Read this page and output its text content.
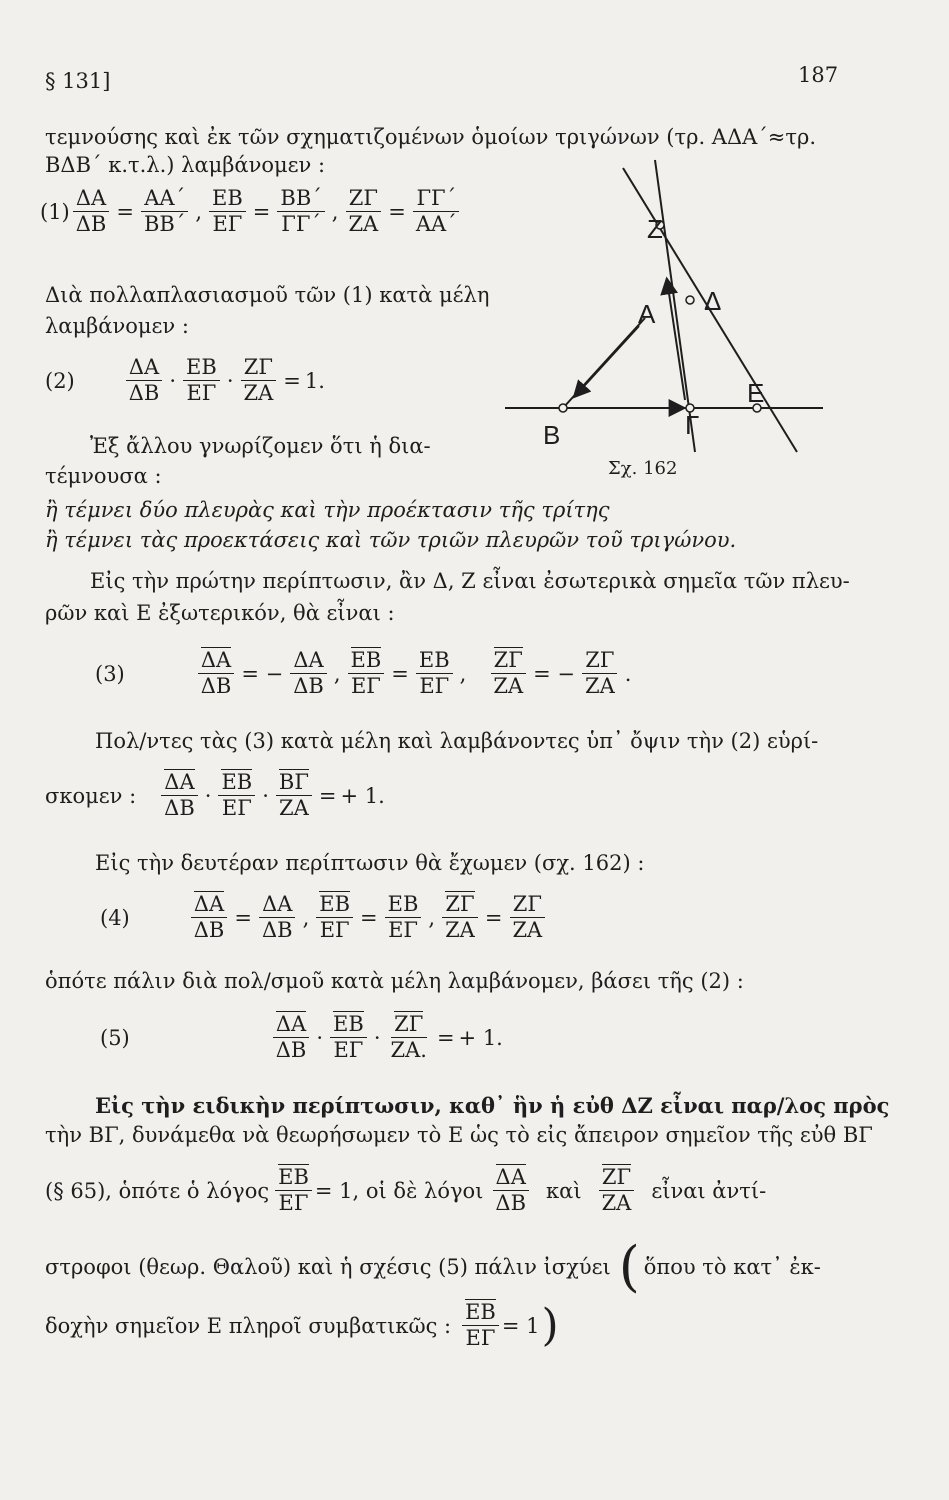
§ 131]	187
τεμνούσης καὶ ἐκ τῶν σχηματιζομένων ὁμοίων τριγώνων (τρ. ΑΔΑ΄≈τρ.
ΒΔΒ΄ κ.τ.λ.) λαμβάνομεν :
$(1) \frac{\Delta A}{\Delta B} = \frac{AA΄}{BB΄}$ , $\frac{EB}{E\Gamma} = \frac{BB΄}{\Gamma\Gamma΄}$ , $\frac{Z\Gamma}{ZA} = \frac{\Gamma\Gamma΄}{AA΄}$
Διὰ πολλαπλασιασμοῦ τῶν (1) κατὰ μέλη
λαμβάνομεν :
$(2) \frac{\Delta A}{\Delta B} \cdot \frac{EB}{E\Gamma} \cdot \frac{Z\Gamma}{ZA} = 1$.
Ἐξ ἄλλου γνωρίζομεν ὅτι ἡ δια-
τέμνουσα :
Z
A Δ
E
B	Γ
Σχ. 162
ἢ τέμνει δύο πλευρὰς καὶ τὴν προέκτασιν τῆς τρίτης
ἢ τέμνει τὰς προεκτάσεις καὶ τῶν τριῶν πλευρῶν τοῦ τριγώνου.
Εἰς τὴν πρώτην περίπτωσιν, ἂν Δ, Ζ εἶναι ἐσωτερικὰ σημεῖα τῶν πλευ-
ρῶν καὶ Ε ἐξωτερικόν, θὰ εἶναι :
(3)	$\frac{\Delta A}{\Delta B}$ = − $\frac{\Delta A}{\Delta B}$ , $\frac{EB}{E\Gamma} = \frac{EB}{E\Gamma}$ , $\frac{Z\Gamma}{ZA}$ = − $\frac{Z\Gamma}{ZA}$ .
Πολ/ντες τὰς (3) κατὰ μέλη καὶ λαμβάνοντες ὑπ᾿ ὄψιν τὴν (2) εὑρί-
σκομεν : $\frac{\Delta A}{\Delta B} \cdot \frac{EB}{E\Gamma} \cdot \frac{B\Gamma}{ZA}$ = + 1.
Εἰς τὴν δευτέραν περίπτωσιν θὰ ἔχωμεν (σχ. 162) :
(4)	$\frac{\Delta A}{\Delta B} = \frac{\Delta A}{\Delta B}$ , $\frac{EB}{E\Gamma} = \frac{EB}{E\Gamma}$ , $\frac{Z\Gamma}{ZA} = \frac{Z\Gamma}{ZA}$
ὁπότε πάλιν διὰ πολ/σμοῦ κατὰ μέλη λαμβάνομεν, βάσει τῆς (2) :
(5)	$\frac{\Delta A}{\Delta B} \cdot \frac{EB}{E\Gamma} \cdot \frac{Z\Gamma}{ZA.}$ = + 1.
Εἰς τὴν ειδικὴν περίπτωσιν, καθ᾿ ἣν ἡ εὐθ ΔΖ εἶναι παρ/λος πρὸς
τὴν ΒΓ, δυνάμεθα νὰ θεωρήσωμεν τὸ Ε ὡς τὸ εἰς ἄπειρον σημεῖον τῆς εὐθ ΒΓ
(§ 65), ὁπότε ὁ λόγος $\frac{EB}{E\Gamma} = 1$, οἱ δὲ λόγοι $\frac{\Delta A}{\Delta B}$ καὶ $\frac{Z\Gamma}{ZA}$ εἶναι ἀντί-
στροφοι (θεωρ. Θαλοῦ) καὶ ἡ σχέσις (5) πάλιν ἰσχύει ( ὅπου τὸ κατ᾿ ἐκ-
δοχὴν σημεῖον Ε πληροῖ συμβατικῶς : $\frac{EB}{E\Gamma} = 1$ )
